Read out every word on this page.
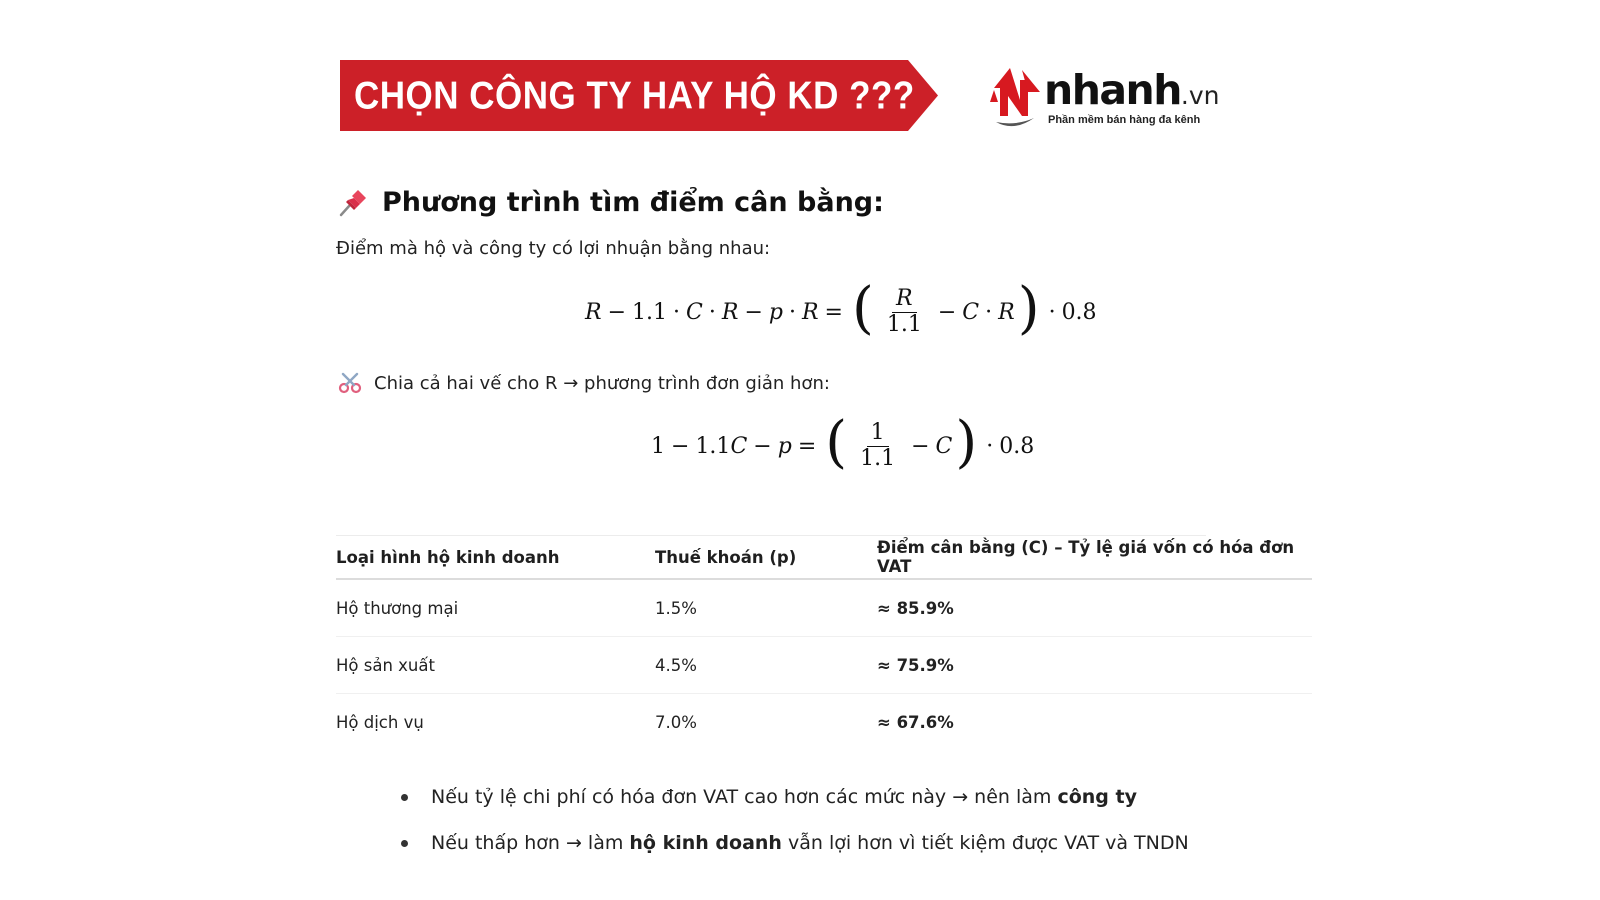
CHỌN CÔNG TY HAY HỘ KD ???	nhanh.vn
Phần mềm bán hàng đa kênh
Phương trình tìm điểm cân bằng:
Điểm mà hộ và công ty có lợi nhuận bằng nhau:
R − 1.1 · C · R − p · R = ( $\frac{R}{1.1} - C \cdot R$ ) · 0.8
Chia cả hai vế cho R → phương trình đơn giản hơn:
1 − 1.1 C − p = ( $\frac{1}{1.1} - C$ ) · 0.8
Loại hình hộ kinh doanh	Thuế khoán (p)	Điểm cân bằng (C) – Tỷ lệ giá vốn có hóa đơn VAT
Hộ thương mại	1.5%	≈ 85.9%
Hộ sản xuất	4.5%	≈ 75.9%
Hộ dịch vụ	7.0%	≈ 67.6%
Nếu tỷ lệ chi phí có hóa đơn VAT cao hơn các mức này → nên làm công ty
Nếu thấp hơn → làm hộ kinh doanh vẫn lợi hơn vì tiết kiệm được VAT và TNDN
